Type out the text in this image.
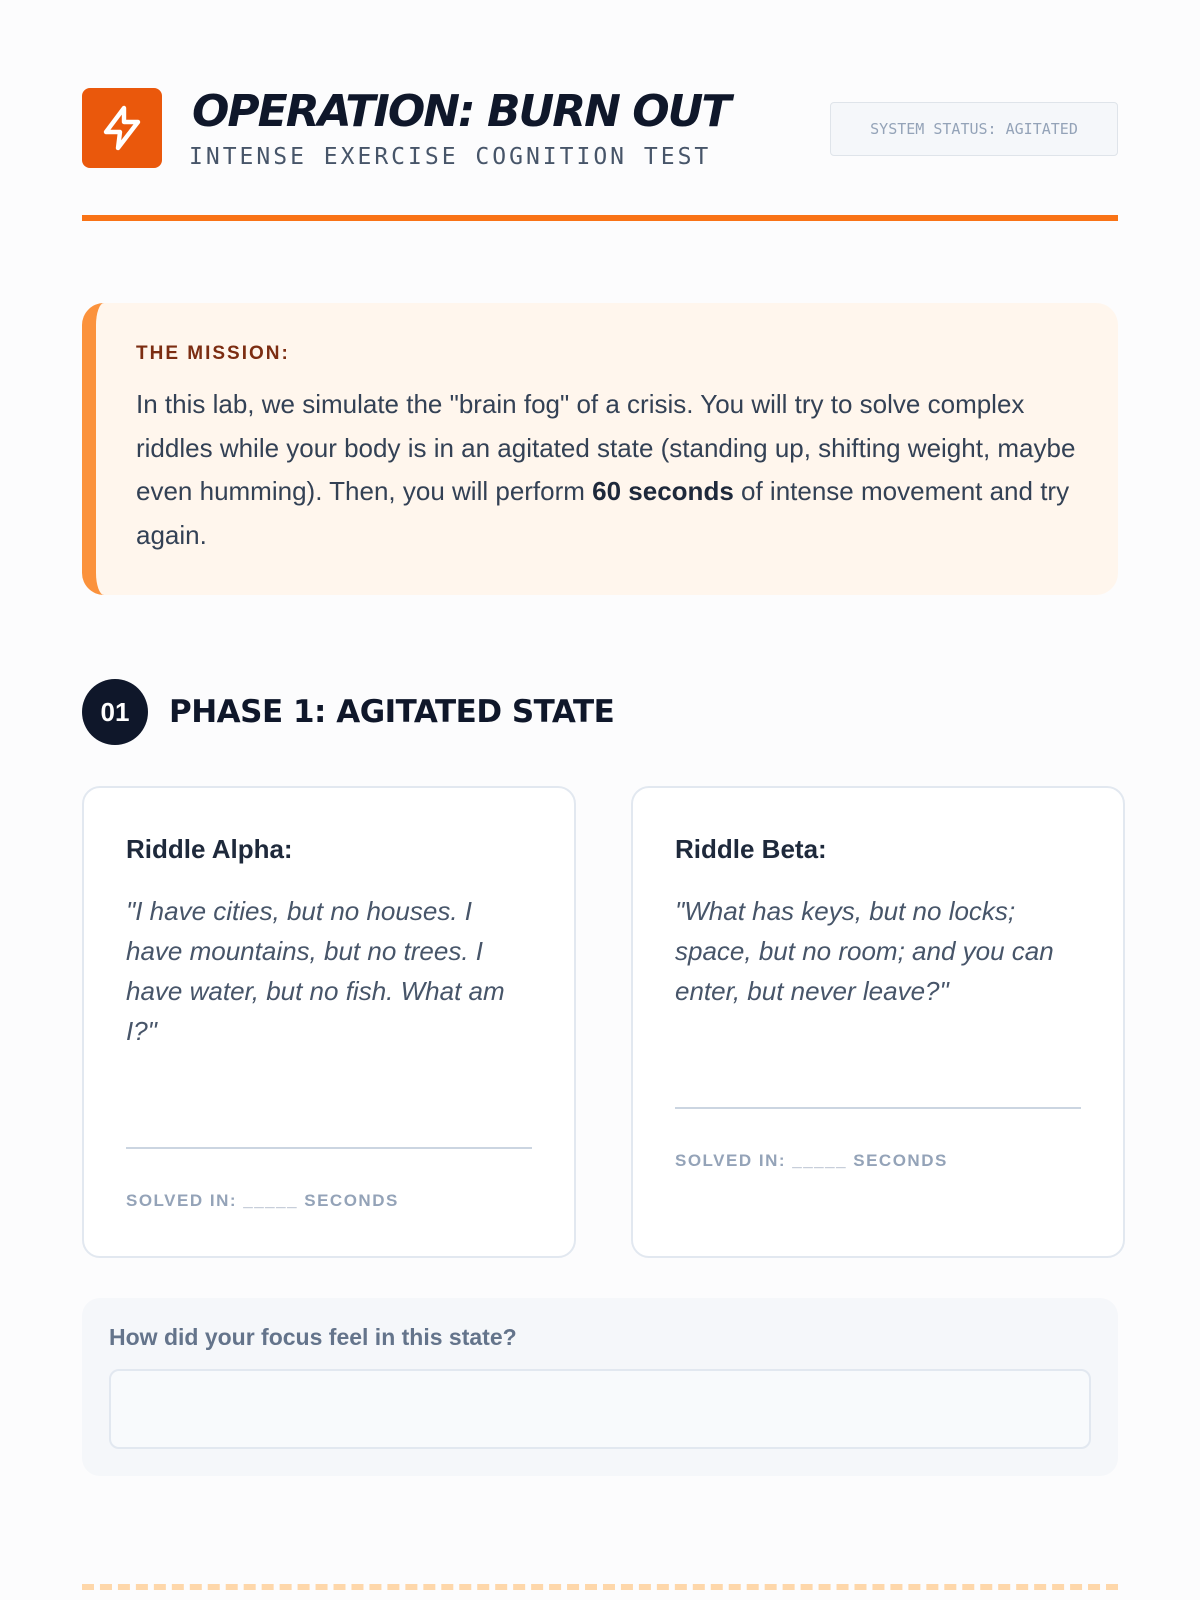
OPERATION: BURN OUT
INTENSE EXERCISE COGNITION TEST
SYSTEM STATUS: AGITATED
THE MISSION:

In this lab, we simulate the "brain fog" of a crisis. You will try to solve complex riddles while your body is in an agitated state (standing up, shifting weight, maybe even humming). Then, you will perform 60 seconds of intense movement and try again.

01	PHASE 1: AGITATED STATE
Riddle Alpha:
"I have cities, but no houses. I have mountains, but no trees. I have water, but no fish. What am I?"
SOLVED IN: _____ SECONDS
Riddle Beta:
"What has keys, but no locks; space, but no room; and you can enter, but never leave?"
SOLVED IN: _____ SECONDS
How did your focus feel in this state?
